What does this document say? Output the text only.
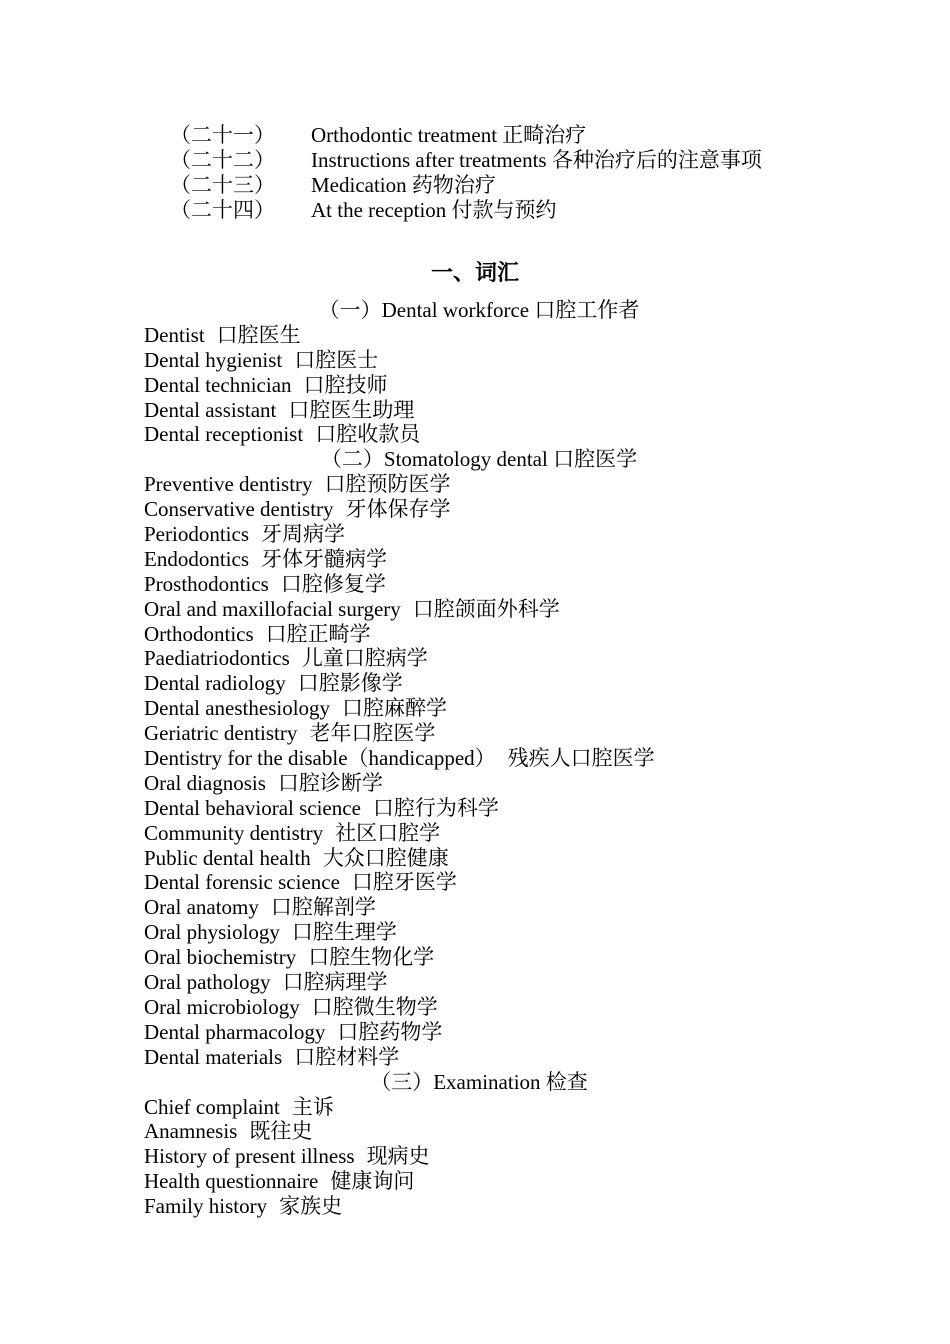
（二十一）	Orthodontic treatment 正畸治疗
（二十二）	Instructions after treatments 各种治疗后的注意事项
（二十三）	Medication 药物治疗
（二十四）	At the reception 付款与预约
一、词汇
（一）Dental workforce 口腔工作者
Dentist 口腔医生
Dental hygienist 口腔医士
Dental technician 口腔技师
Dental assistant 口腔医生助理
Dental receptionist 口腔收款员
（二）Stomatology dental 口腔医学
Preventive dentistry 口腔预防医学
Conservative dentistry 牙体保存学
Periodontics 牙周病学
Endodontics 牙体牙髓病学
Prosthodontics 口腔修复学
Oral and maxillofacial surgery 口腔颌面外科学
Orthodontics 口腔正畸学
Paediatriodontics 儿童口腔病学
Dental radiology 口腔影像学
Dental anesthesiology 口腔麻醉学
Geriatric dentistry 老年口腔医学
Dentistry for the disable（handicapped） 残疾人口腔医学
Oral diagnosis 口腔诊断学
Dental behavioral science 口腔行为科学
Community dentistry 社区口腔学
Public dental health 大众口腔健康
Dental forensic science 口腔牙医学
Oral anatomy 口腔解剖学
Oral physiology 口腔生理学
Oral biochemistry 口腔生物化学
Oral pathology 口腔病理学
Oral microbiology 口腔微生物学
Dental pharmacology 口腔药物学
Dental materials 口腔材料学
（三）Examination 检查
Chief complaint 主诉
Anamnesis 既往史
History of present illness 现病史
Health questionnaire 健康询问
Family history 家族史
